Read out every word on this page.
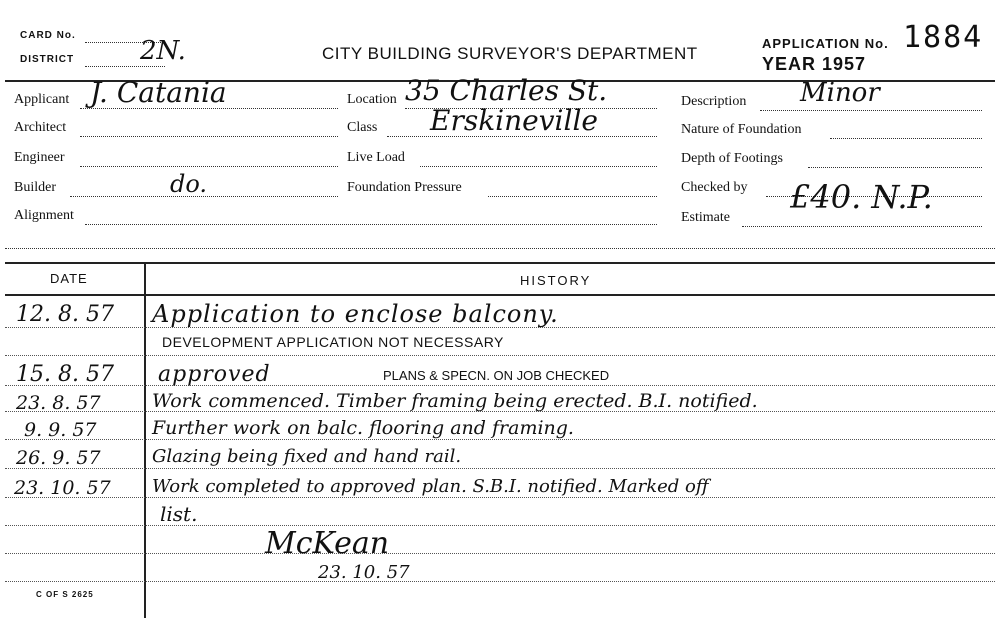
CARD No.
DISTRICT	2N.	CITY BUILDING SURVEYOR'S DEPARTMENT
APPLICATION No. 1884
YEAR 1957
Applicant J. Catania
Architect
Engineer
Builder	do.
Alignment
Location 35 Charles St.
Class Erskineville
Live Load
Foundation Pressure
Description Minor
Nature of Foundation
Depth of Footings
Checked by £40. N.P.
Estimate
DATE	HISTORY
12. 8. 57 Application to enclose balcony.
DEVELOPMENT APPLICATION NOT NECESSARY
15. 8. 57 approved	PLANS & SPECN. ON JOB CHECKED
23. 8. 57	Work commenced. Timber framing being erected. B.I. notified.
9. 9. 57	Further work on balc. flooring and framing.
26. 9. 57	Glazing being fixed and hand rail.
23. 10. 57 Work completed to approved plan. S.B.I. notified. Marked off
list.
McKean
23. 10. 57
C OF S 2625
